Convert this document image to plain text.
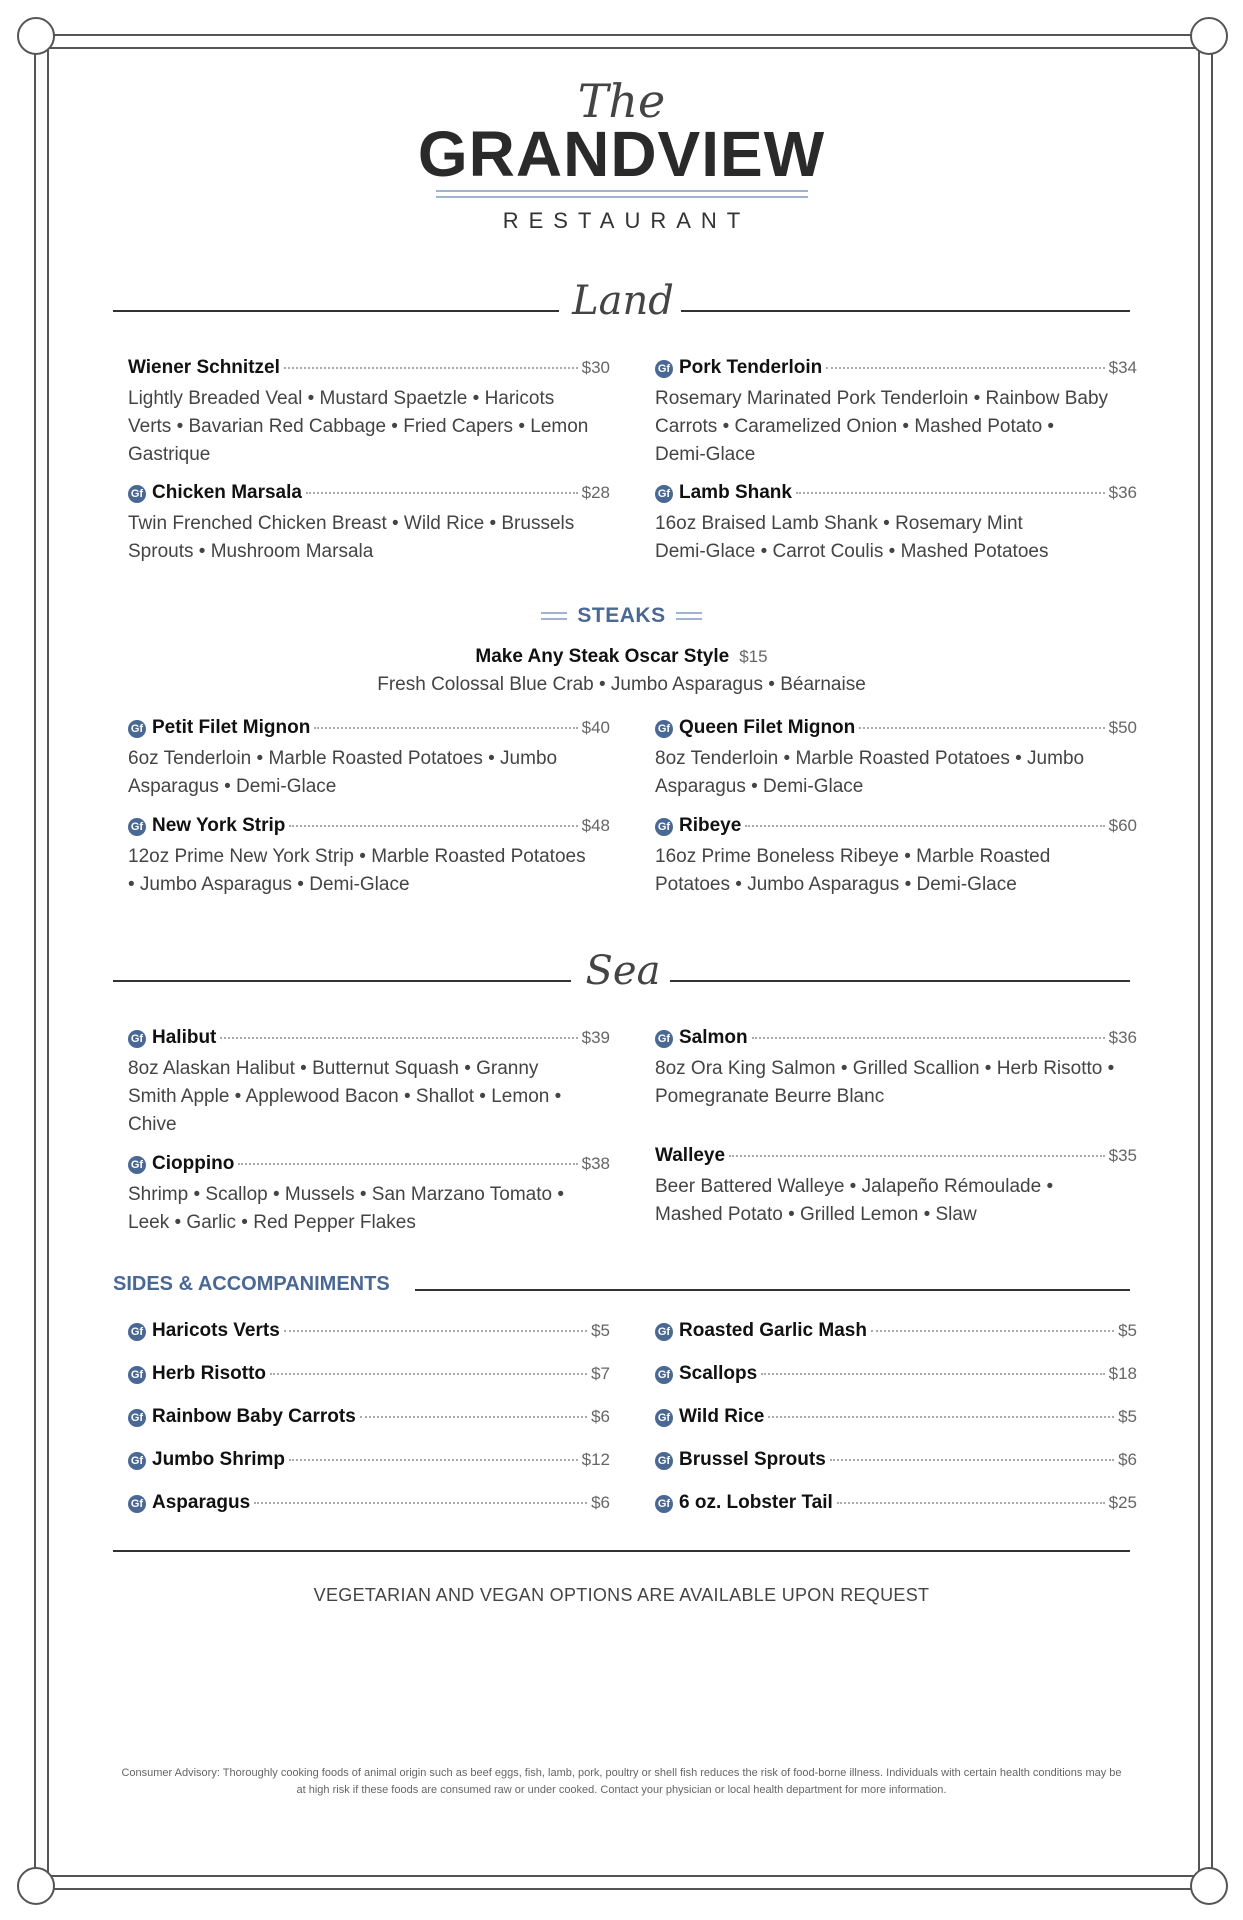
The
GRANDVIEW
RESTAURANT
Land
Wiener Schnitzel	$30
Lightly Breaded Veal • Mustard Spaetzle • Haricots
Verts • Bavarian Red Cabbage • Fried Capers • Lemon
Gastrique
Gf Pork Tenderloin	$34
Rosemary Marinated Pork Tenderloin • Rainbow Baby
Carrots • Caramelized Onion • Mashed Potato •
Demi-Glace
Gf Chicken Marsala	$28
Twin Frenched Chicken Breast • Wild Rice • Brussels
Sprouts • Mushroom Marsala
Gf Lamb Shank	$36
16oz Braised Lamb Shank • Rosemary Mint
Demi-Glace • Carrot Coulis • Mashed Potatoes
STEAKS
Make Any Steak Oscar Style $15
Fresh Colossal Blue Crab • Jumbo Asparagus • Béarnaise
Gf Petit Filet Mignon	$40
6oz Tenderloin • Marble Roasted Potatoes • Jumbo
Asparagus • Demi-Glace
Gf Queen Filet Mignon	$50
8oz Tenderloin • Marble Roasted Potatoes • Jumbo
Asparagus • Demi-Glace
Gf New York Strip	$48
12oz Prime New York Strip • Marble Roasted Potatoes
• Jumbo Asparagus • Demi-Glace
Gf Ribeye	$60
16oz Prime Boneless Ribeye • Marble Roasted
Potatoes • Jumbo Asparagus • Demi-Glace
Sea
Gf Halibut	$39
8oz Alaskan Halibut • Butternut Squash • Granny
Smith Apple • Applewood Bacon • Shallot • Lemon •
Chive
Gf Salmon	$36
8oz Ora King Salmon • Grilled Scallion • Herb Risotto •
Pomegranate Beurre Blanc
Gf Cioppino	$38
Shrimp • Scallop • Mussels • San Marzano Tomato •
Leek • Garlic • Red Pepper Flakes
Walleye	$35
Beer Battered Walleye • Jalapeño Rémoulade •
Mashed Potato • Grilled Lemon • Slaw
SIDES & ACCOMPANIMENTS
Gf Haricots Verts	$5
Gf Herb Risotto	$7
Gf Rainbow Baby Carrots	$6
Gf Jumbo Shrimp	$12
Gf Asparagus	$6
Gf Roasted Garlic Mash	$5
Gf Scallops	$18
Gf Wild Rice	$5
Gf Brussel Sprouts	$6
Gf 6 oz. Lobster Tail	$25
VEGETARIAN AND VEGAN OPTIONS ARE AVAILABLE UPON REQUEST
Consumer Advisory: Thoroughly cooking foods of animal origin such as beef eggs, fish, lamb, pork, poultry or shell fish reduces the risk of food-borne illness. Individuals with certain health conditions may be at high risk if these foods are consumed raw or under cooked. Contact your physician or local health department for more information.
